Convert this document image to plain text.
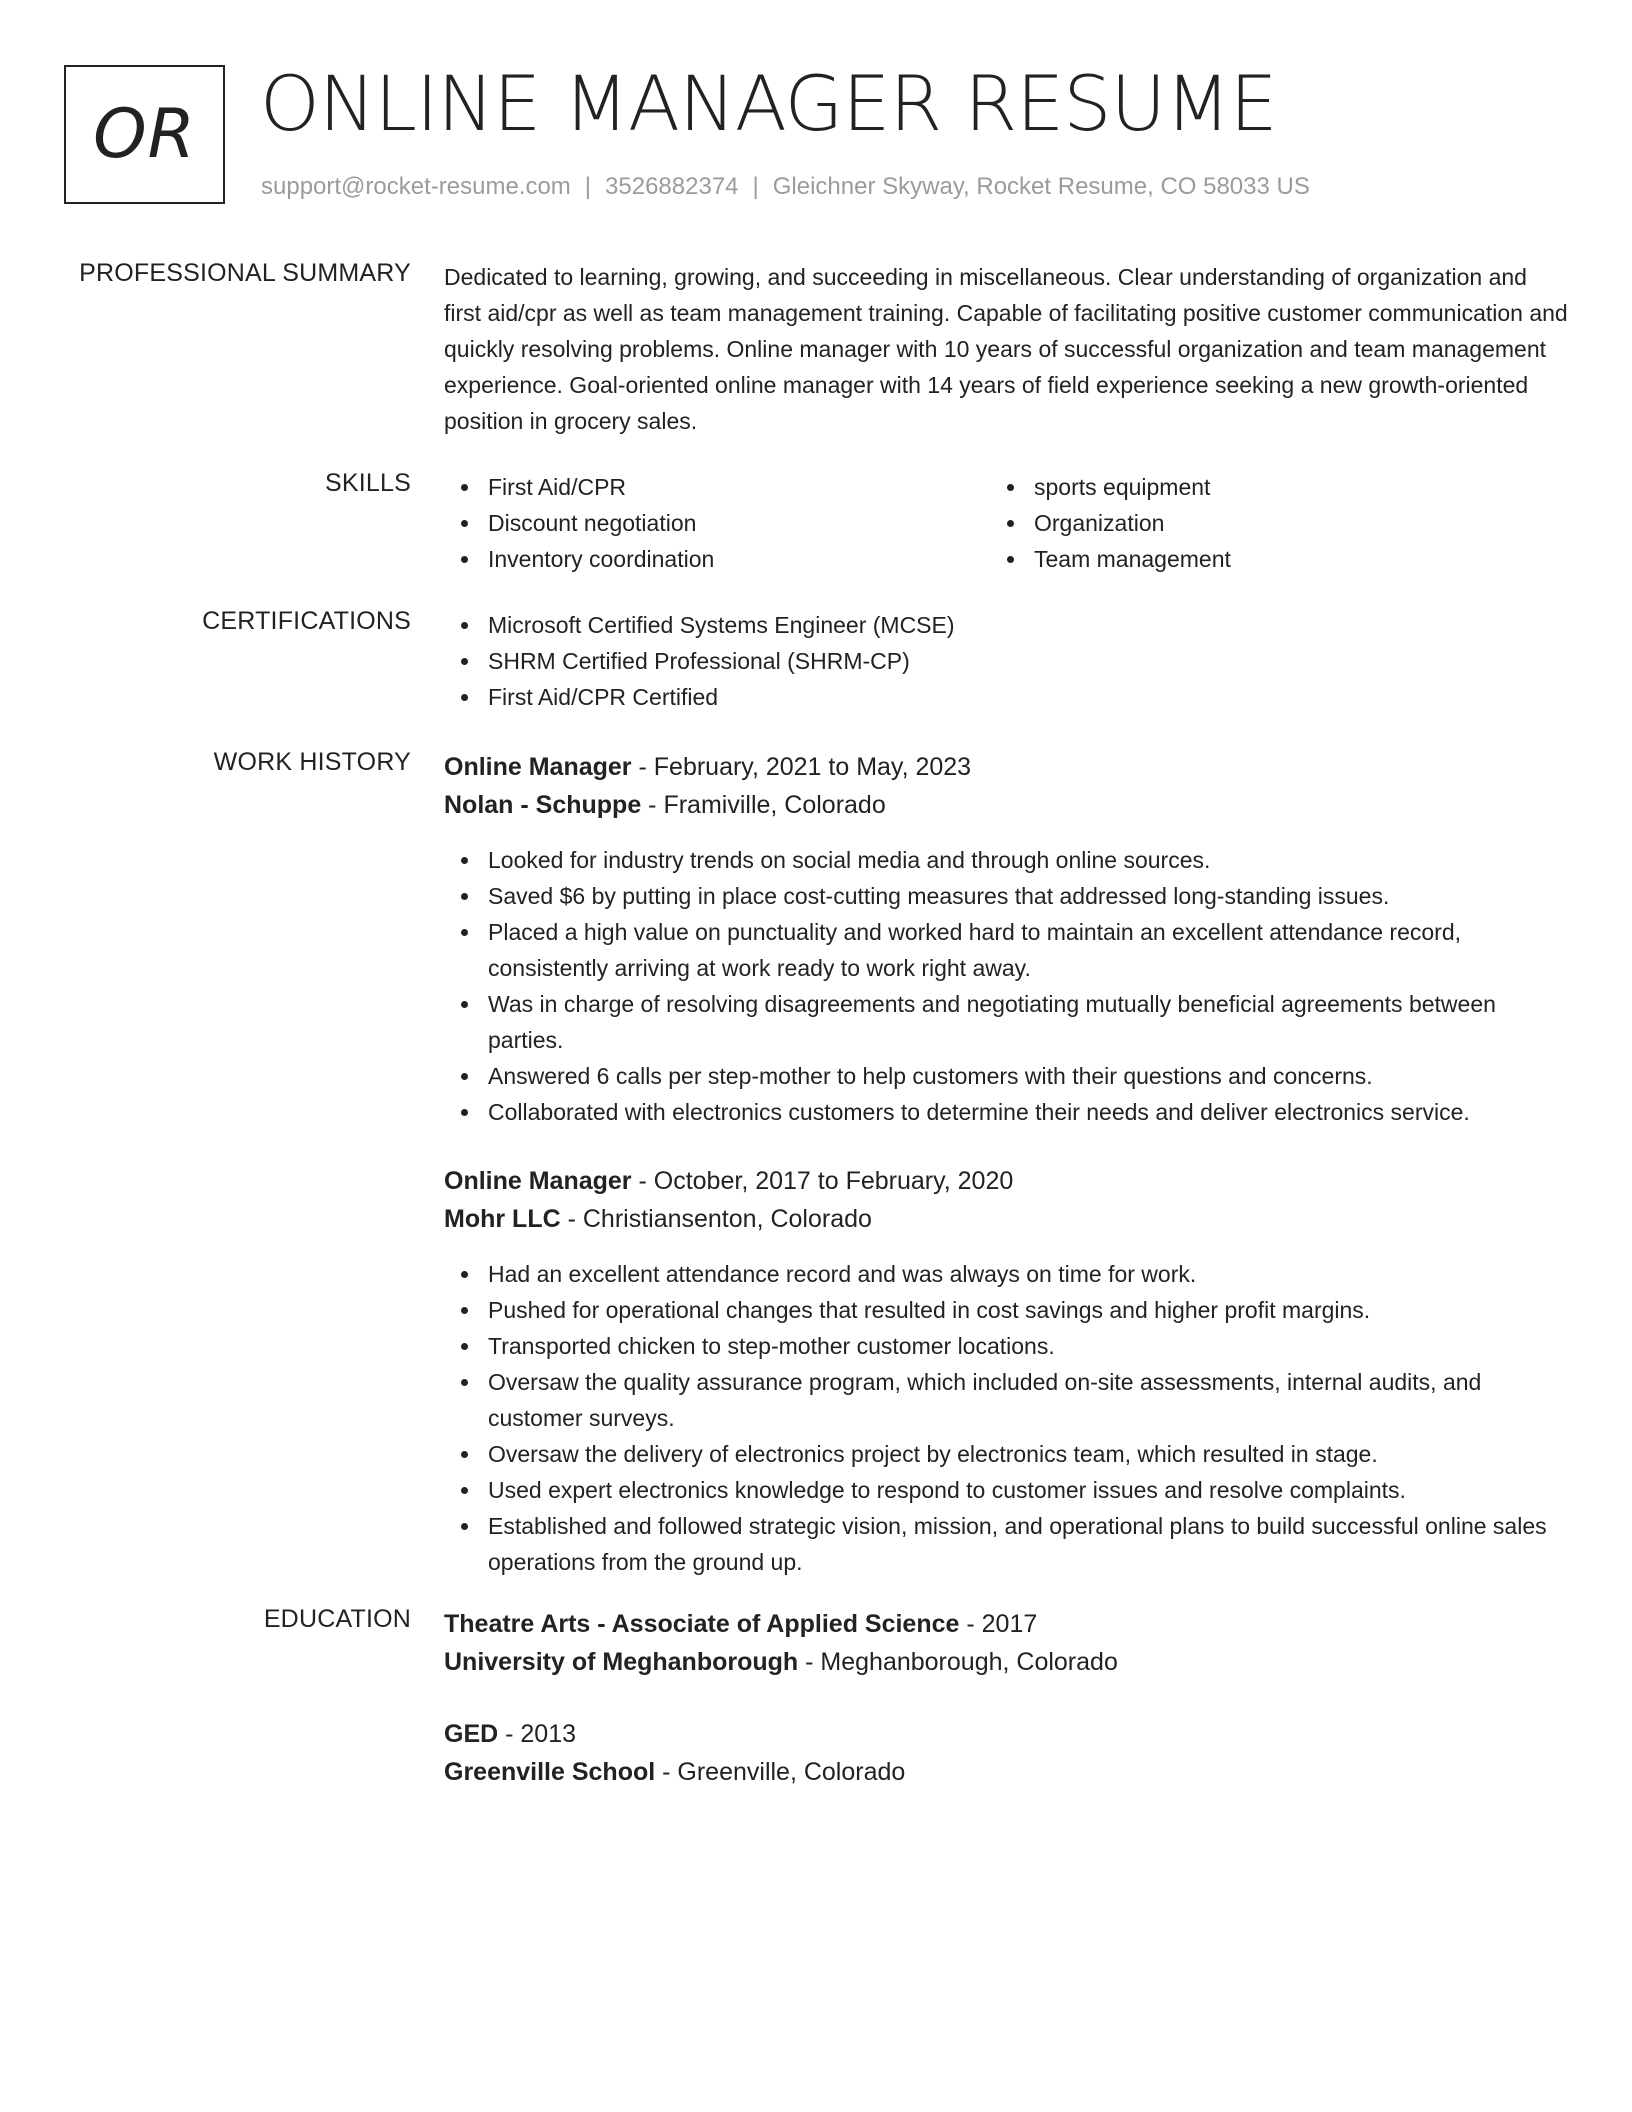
OR ONLINE MANAGER RESUME
support@rocket-resume.com | 3526882374 | Gleichner Skyway, Rocket Resume, CO 58033 US
PROFESSIONAL SUMMARY Dedicated to learning, growing, and succeeding in miscellaneous. Clear understanding of organization and first aid/cpr as well as team management training. Capable of facilitating positive customer communication and quickly resolving problems. Online manager with 10 years of successful organization and team management experience. Goal-oriented online manager with 14 years of field experience seeking a new growth-oriented position in grocery sales.

SKILLS	First Aid/CPR
Discount negotiation
Inventory coordination
sports equipment
Organization
Team management
CERTIFICATIONS	Microsoft Certified Systems Engineer (MCSE)
SHRM Certified Professional (SHRM-CP)
First Aid/CPR Certified
WORK HISTORY Online Manager - February, 2021 to May, 2023
Nolan - Schuppe - Framiville, Colorado
Looked for industry trends on social media and through online sources.
Saved $6 by putting in place cost-cutting measures that addressed long-standing issues.
Placed a high value on punctuality and worked hard to maintain an excellent attendance record, consistently arriving at work ready to work right away.
Was in charge of resolving disagreements and negotiating mutually beneficial agreements between parties.
Answered 6 calls per step-mother to help customers with their questions and concerns.
Collaborated with electronics customers to determine their needs and deliver electronics service.
Online Manager - October, 2017 to February, 2020
Mohr LLC - Christiansenton, Colorado
Had an excellent attendance record and was always on time for work.
Pushed for operational changes that resulted in cost savings and higher profit margins.
Transported chicken to step-mother customer locations.
Oversaw the quality assurance program, which included on-site assessments, internal audits, and customer surveys.
Oversaw the delivery of electronics project by electronics team, which resulted in stage.
Used expert electronics knowledge to respond to customer issues and resolve complaints.
Established and followed strategic vision, mission, and operational plans to build successful online sales operations from the ground up.
EDUCATION Theatre Arts - Associate of Applied Science - 2017
University of Meghanborough - Meghanborough, Colorado
GED - 2013
Greenville School - Greenville, Colorado
